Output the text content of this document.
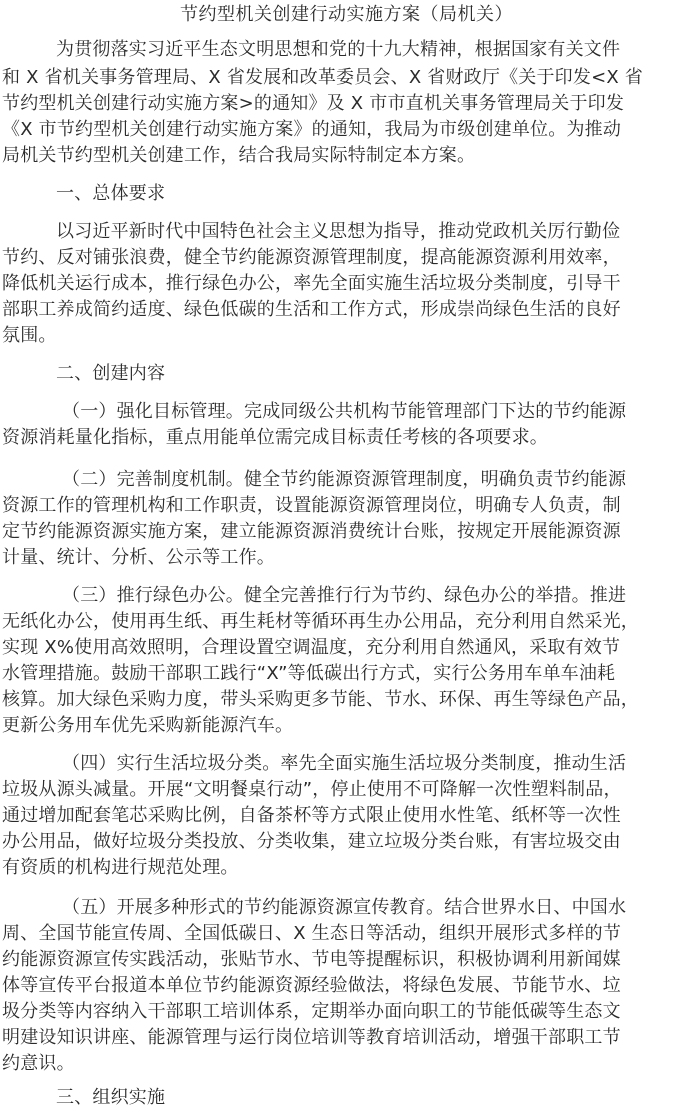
节约型机关创建行动实施方案（局机关）
为贯彻落实习近平生态文明思想和党的十九大精神，根据国家有关文件
和 X 省机关事务管理局、X 省发展和改革委员会、X 省财政厅《关于印发<X 省
节约型机关创建行动实施方案>的通知》及 X 市市直机关事务管理局关于印发
《X 市节约型机关创建行动实施方案》的通知，我局为市级创建单位。为推动
局机关节约型机关创建工作，结合我局实际特制定本方案。
一、总体要求
以习近平新时代中国特色社会主义思想为指导，推动党政机关厉行勤俭
节约、反对铺张浪费，健全节约能源资源管理制度，提高能源资源利用效率，
降低机关运行成本，推行绿色办公，率先全面实施生活垃圾分类制度，引导干
部职工养成简约适度、绿色低碳的生活和工作方式，形成崇尚绿色生活的良好
氛围。
二、创建内容
（一）强化目标管理。完成同级公共机构节能管理部门下达的节约能源
资源消耗量化指标，重点用能单位需完成目标责任考核的各项要求。
（二）完善制度机制。健全节约能源资源管理制度，明确负责节约能源
资源工作的管理机构和工作职责，设置能源资源管理岗位，明确专人负责，制
定节约能源资源实施方案，建立能源资源消费统计台账，按规定开展能源资源
计量、统计、分析、公示等工作。
（三）推行绿色办公。健全完善推行行为节约、绿色办公的举措。推进
无纸化办公，使用再生纸、再生耗材等循环再生办公用品，充分利用自然采光，
实现 X%使用高效照明，合理设置空调温度，充分利用自然通风，采取有效节
水管理措施。鼓励干部职工践行“X”等低碳出行方式，实行公务用车单车油耗
核算。加大绿色采购力度，带头采购更多节能、节水、环保、再生等绿色产品，
更新公务用车优先采购新能源汽车。
（四）实行生活垃圾分类。率先全面实施生活垃圾分类制度，推动生活
垃圾从源头减量。开展“文明餐桌行动”，停止使用不可降解一次性塑料制品，
通过增加配套笔芯采购比例，自备茶杯等方式限止使用水性笔、纸杯等一次性
办公用品，做好垃圾分类投放、分类收集，建立垃圾分类台账，有害垃圾交由
有资质的机构进行规范处理。
（五）开展多种形式的节约能源资源宣传教育。结合世界水日、中国水
周、全国节能宣传周、全国低碳日、X 生态日等活动，组织开展形式多样的节
约能源资源宣传实践活动，张贴节水、节电等提醒标识，积极协调利用新闻媒
体等宣传平台报道本单位节约能源资源经验做法，将绿色发展、节能节水、垃
圾分类等内容纳入干部职工培训体系，定期举办面向职工的节能低碳等生态文
明建设知识讲座、能源管理与运行岗位培训等教育培训活动，增强干部职工节
约意识。
三、组织实施
